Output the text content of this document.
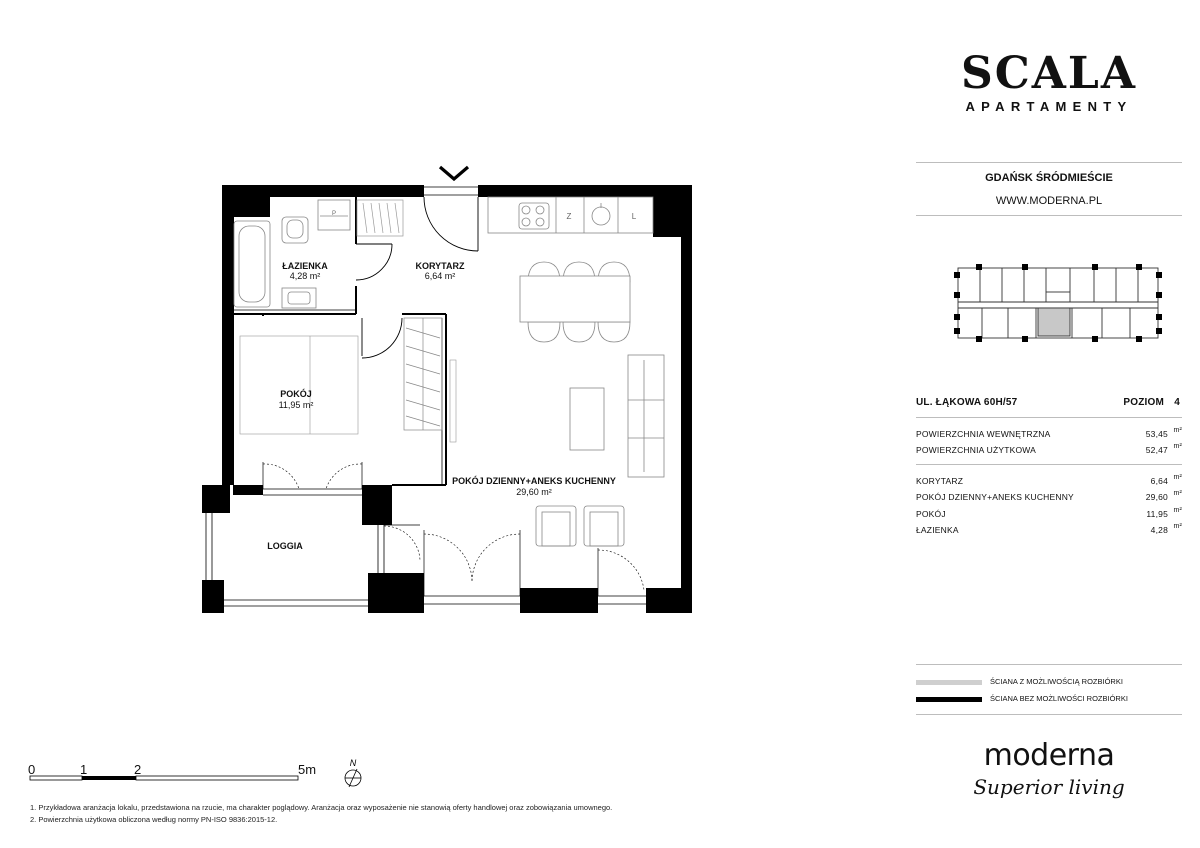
P	Z	L
ŁAZIENKA
4,28 m²
KORYTARZ
6,64 m²
POKÓJ
11,95 m²
POKÓJ DZIENNY+ANEKS KUCHENNY
29,60 m²
LOGGIA
N
0	1	2	5m
1. Przykładowa aranżacja lokalu, przedstawiona na rzucie, ma charakter poglądowy. Aranżacja oraz wyposażenie nie stanowią oferty handlowej oraz zobowiązania umownego.
2. Powierzchnia użytkowa obliczona według normy PN-ISO 9836:2015-12.
SCALA
APARTAMENTY
GDAŃSK ŚRÓDMIEŚCIE
WWW.MODERNA.PL
UL. ŁĄKOWA 60H/57	POZIOM 4
POWIERZCHNIA WEWNĘTRZNA	53,45 m²
POWIERZCHNIA UŻYTKOWA	52,47 m²
KORYTARZ	6,64 m²
POKÓJ DZIENNY+ANEKS KUCHENNY	29,60 m²
POKÓJ	11,95 m²
ŁAZIENKA	4,28 m²
ŚCIANA Z MOŻLIWOŚCIĄ ROZBIÓRKI
ŚCIANA BEZ MOŻLIWOŚCI ROZBIÓRKI
moderna
Superior living
